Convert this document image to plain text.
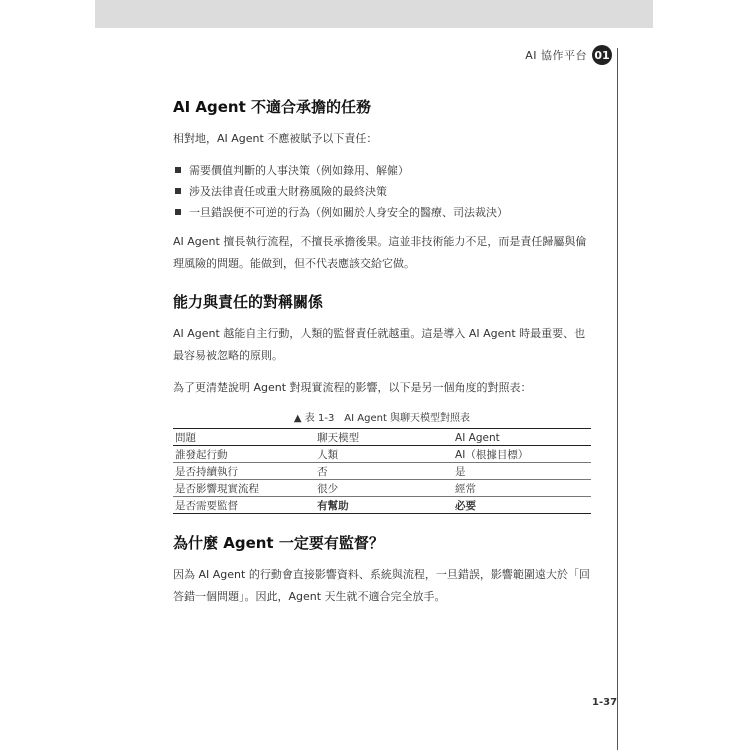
AI 協作平台 01
AI Agent 不適合承擔的任務

相對地，AI Agent 不應被賦予以下責任：

需要價值判斷的人事決策（例如錄用、解僱）
涉及法律責任或重大財務風險的最終決策
一旦錯誤便不可逆的行為（例如關於人身安全的醫療、司法裁決）

AI Agent 擅長執行流程，不擅長承擔後果。這並非技術能力不足，而是責任歸屬與倫理風險的問題。能做到，但不代表應該交給它做。

能力與責任的對稱關係

AI Agent 越能自主行動，人類的監督責任就越重。這是導入 AI Agent 時最重要、也最容易被忽略的原則。

為了更清楚說明 Agent 對現實流程的影響，以下是另一個角度的對照表：

▲ 表 1-3　AI Agent 與聊天模型對照表
問題	聊天模型	AI Agent
誰發起行動	人類	AI（根據目標）
是否持續執行	否	是
是否影響現實流程	很少	經常
是否需要監督	有幫助	必要
為什麼 Agent 一定要有監督？

因為 AI Agent 的行動會直接影響資料、系統與流程，一旦錯誤，影響範圍遠大於「回答錯一個問題」。因此，Agent 天生就不適合完全放手。

1-37
